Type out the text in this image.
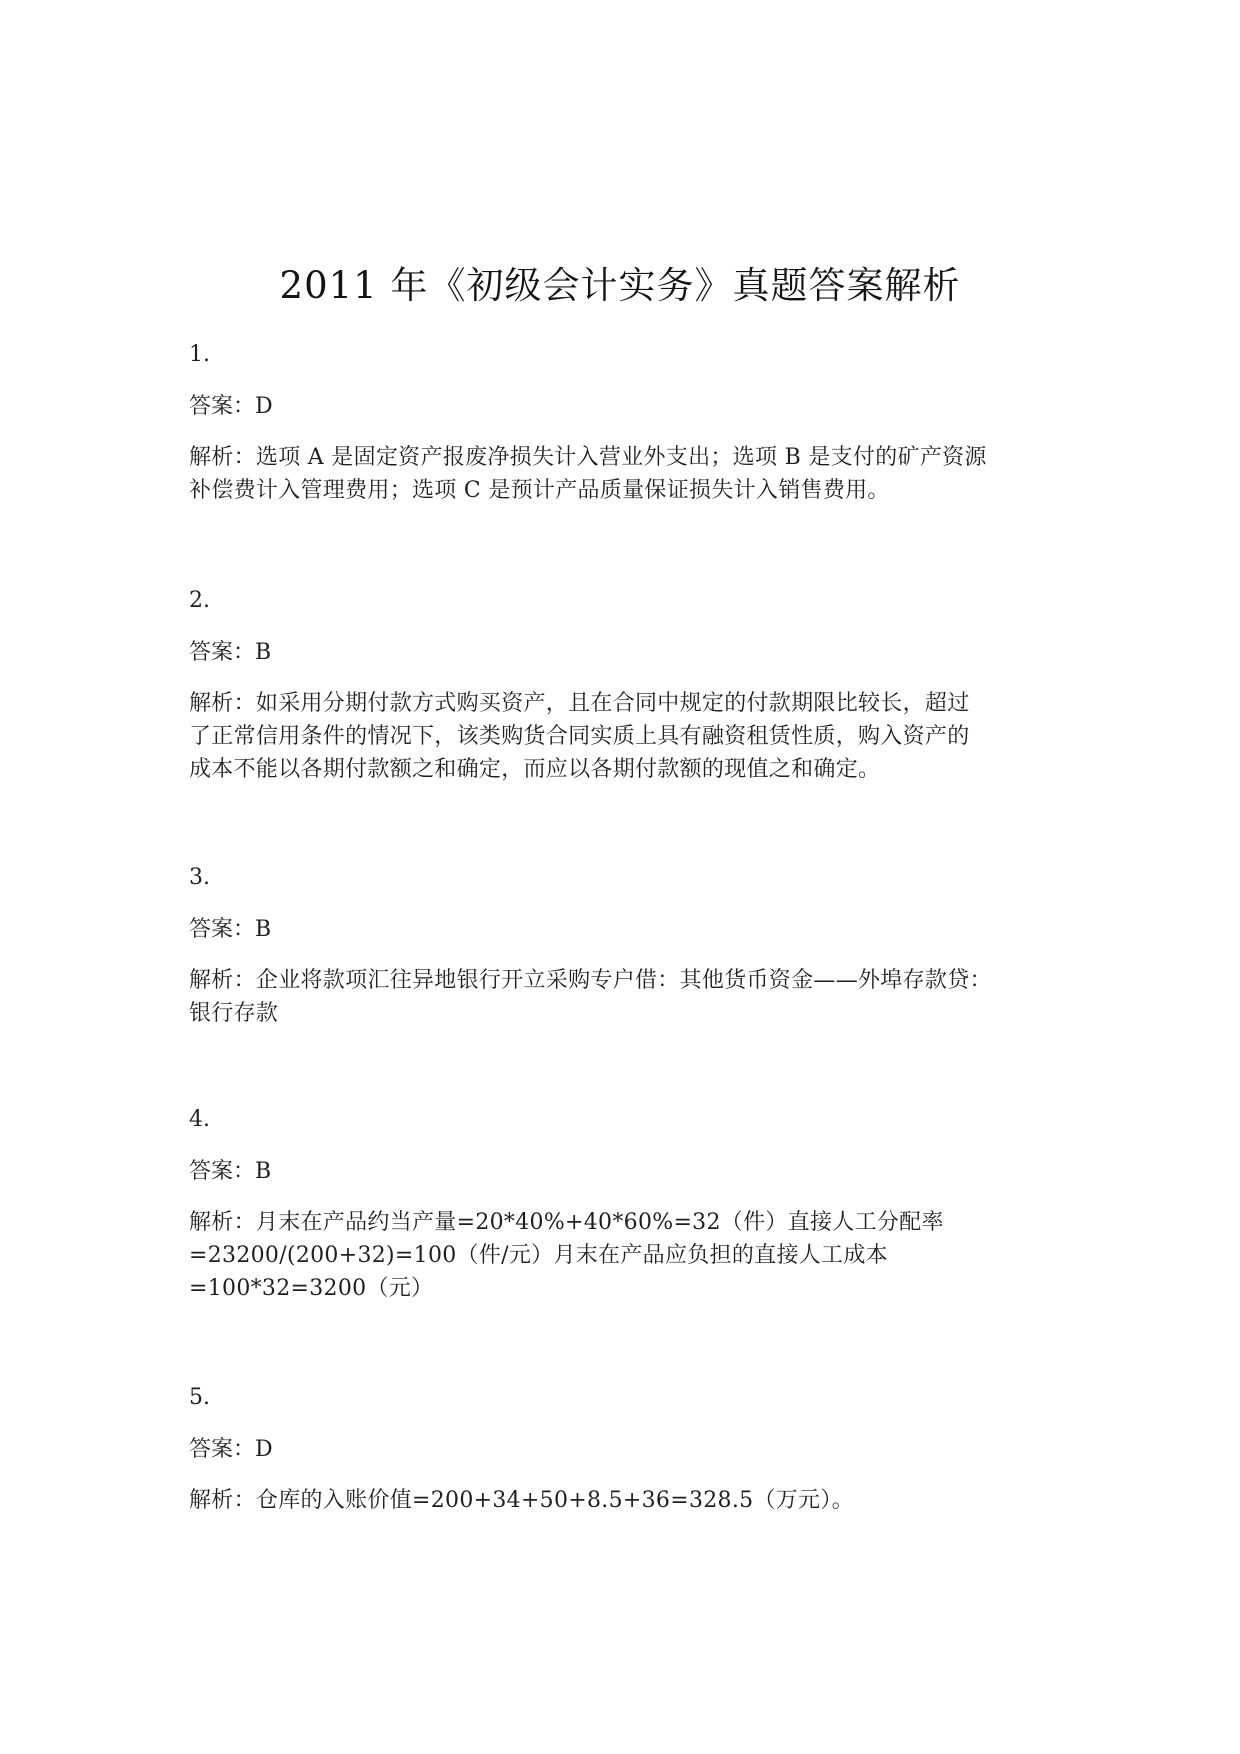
2011 年《初级会计实务》真题答案解析

1.

答案：D

解析：选项 A 是固定资产报废净损失计入营业外支出；选项 B 是支付的矿产资源
补偿费计入管理费用；选项 C 是预计产品质量保证损失计入销售费用。

2.

答案：B

解析：如采用分期付款方式购买资产，且在合同中规定的付款期限比较长，超过
了正常信用条件的情况下，该类购货合同实质上具有融资租赁性质，购入资产的
成本不能以各期付款额之和确定，而应以各期付款额的现值之和确定。

3.

答案：B

解析：企业将款项汇往异地银行开立采购专户借：其他货币资金——外埠存款贷：
银行存款

4.

答案：B

解析：月末在产品约当产量=20*40%+40*60%=32（件）直接人工分配率
=23200/(200+32)=100（件/元）月末在产品应负担的直接人工成本
=100*32=3200（元）

5.

答案：D

解析：仓库的入账价值=200+34+50+8.5+36=328.5（万元）。
